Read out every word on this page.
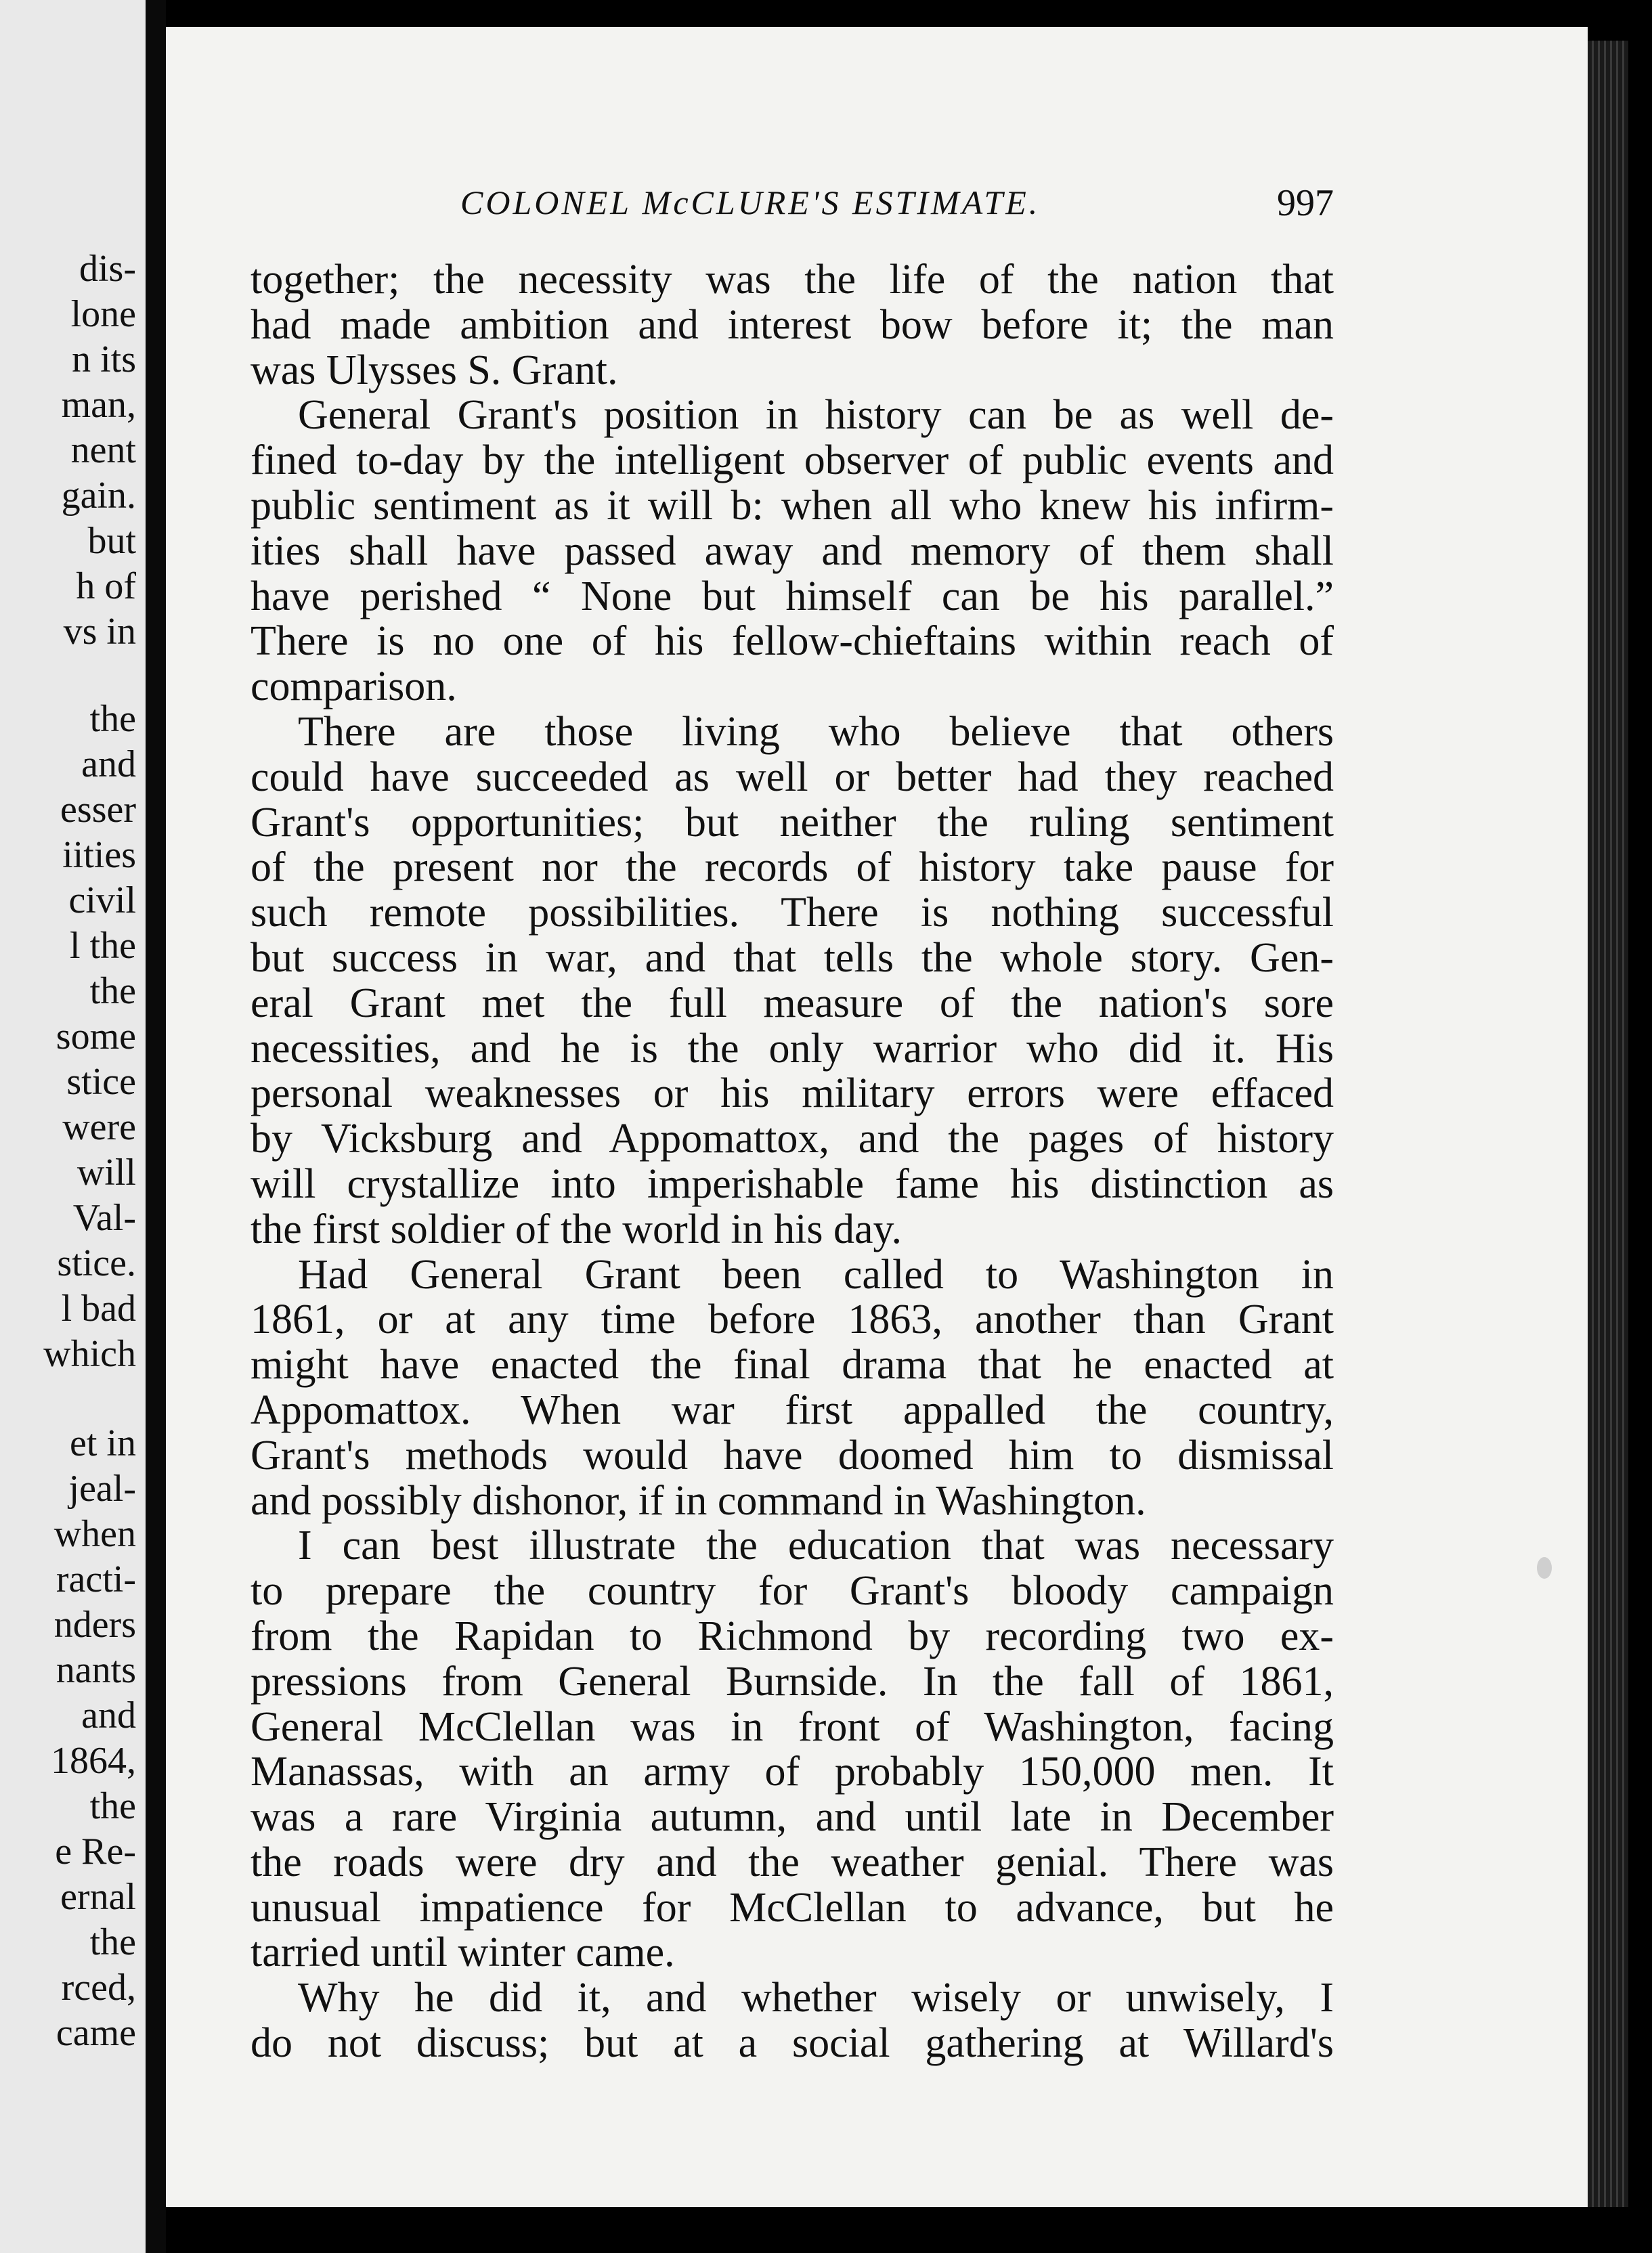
dis-
lone
n its
man,
nent
gain.
but
h of
vs in
the
and
esser
iities
civil
l the
the
some
stice
were
will
Val-
stice.
l bad
which
et in
jeal-
when
racti-
nders
nants
and
1864,
the
e Re-
ernal
the
rced,
came
COLONEL McCLURE'S ESTIMATE.	997
together; the necessity was the life of the nation that
had made ambition and interest bow before it; the man
was Ulysses S. Grant.
General Grant's position in history can be as well de-
fined to-day by the intelligent observer of public events and
public sentiment as it will b: when all who knew his infirm-
ities shall have passed away and memory of them shall
have perished “ None but himself can be his parallel.”
There is no one of his fellow-chieftains within reach of
comparison.
There are those living who believe that others
could have succeeded as well or better had they reached
Grant's opportunities; but neither the ruling sentiment
of the present nor the records of history take pause for
such remote possibilities. There is nothing successful
but success in war, and that tells the whole story. Gen-
eral Grant met the full measure of the nation's sore
necessities, and he is the only warrior who did it. His
personal weaknesses or his military errors were effaced
by Vicksburg and Appomattox, and the pages of history
will crystallize into imperishable fame his distinction as
the first soldier of the world in his day.
Had General Grant been called to Washington in
1861, or at any time before 1863, another than Grant
might have enacted the final drama that he enacted at
Appomattox. When war first appalled the country,
Grant's methods would have doomed him to dismissal
and possibly dishonor, if in command in Washington.
I can best illustrate the education that was necessary
to prepare the country for Grant's bloody campaign
from the Rapidan to Richmond by recording two ex-
pressions from General Burnside. In the fall of 1861,
General McClellan was in front of Washington, facing
Manassas, with an army of probably 150,000 men. It
was a rare Virginia autumn, and until late in December
the roads were dry and the weather genial. There was
unusual impatience for McClellan to advance, but he
tarried until winter came.
Why he did it, and whether wisely or unwisely, I
do not discuss; but at a social gathering at Willard's
